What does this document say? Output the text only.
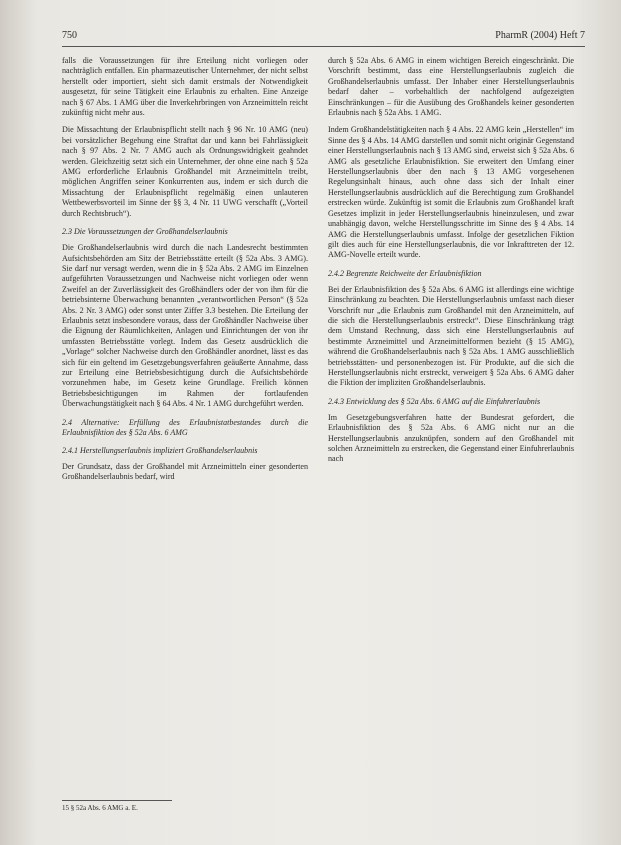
750	PharmR (2004) Heft 7

falls die Voraussetzungen für ihre Erteilung nicht vorliegen oder nachträglich entfallen. Ein pharmazeutischer Unternehmer, der nicht selbst herstellt oder importiert, sieht sich damit erstmals der Notwendigkeit ausgesetzt, für seine Tätigkeit eine Erlaubnis zu erhalten. Eine Anzeige nach § 67 Abs. 1 AMG über die Inverkehrbringen von Arzneimitteln reicht zukünftig nicht mehr aus.

Die Missachtung der Erlaubnispflicht stellt nach § 96 Nr. 10 AMG (neu) bei vorsätzlicher Begehung eine Straftat dar und kann bei Fahrlässigkeit nach § 97 Abs. 2 Nr. 7 AMG auch als Ordnungswidrigkeit geahndet werden. Gleichzeitig setzt sich ein Unternehmer, der ohne eine nach § 52a AMG erforderliche Erlaubnis Großhandel mit Arzneimitteln treibt, möglichen Angriffen seiner Konkurrenten aus, indem er sich durch die Missachtung der Erlaubnispflicht regelmäßig einen unlauteren Wettbewerbsvorteil im Sinne der §§ 3, 4 Nr. 11 UWG verschafft („Vorteil durch Rechtsbruch“).

2.3 Die Voraussetzungen der Großhandelserlaubnis

Die Großhandelserlaubnis wird durch die nach Landesrecht bestimmten Aufsichtsbehörden am Sitz der Betriebsstätte erteilt (§ 52a Abs. 3 AMG). Sie darf nur versagt werden, wenn die in § 52a Abs. 2 AMG im Einzelnen aufgeführten Voraussetzungen und Nachweise nicht vorliegen oder wenn Zweifel an der Zuverlässigkeit des Großhändlers oder der von ihm für die betriebsinterne Überwachung benannten „verantwortlichen Person“ (§ 52a Abs. 2 Nr. 3 AMG) oder sonst unter Ziffer 3.3 bestehen. Die Erteilung der Erlaubnis setzt insbesondere voraus, dass der Großhändler Nachweise über die Eignung der Räumlichkeiten, Anlagen und Einrichtungen der von ihr umfassten Betriebsstätte vorlegt. Indem das Gesetz ausdrücklich die „Vorlage“ solcher Nachweise durch den Großhändler anordnet, lässt es das sich für ein geltend im Gesetzgebungsverfahren geäußerte Annahme, dass zur Erteilung eine Betriebsbesichtigung durch die Aufsichtsbehörde vorzunehmen habe, im Gesetz keine Grundlage. Freilich können Betriebsbesichtigungen im Rahmen der fortlaufenden Überwachungstätigkeit nach § 64 Abs. 4 Nr. 1 AMG durchgeführt werden.

2.4 Alternative: Erfüllung des Erlaubnistatbestandes durch die Erlaubnisfiktion des § 52a Abs. 6 AMG
2.4.1 Herstellungserlaubnis impliziert Großhandelserlaubnis

Der Grundsatz, dass der Großhandel mit Arzneimitteln einer gesonderten Großhandelserlaubnis bedarf, wird

durch § 52a Abs. 6 AMG in einem wichtigen Bereich eingeschränkt. Die Vorschrift bestimmt, dass eine Herstellungserlaubnis zugleich die Großhandelserlaubnis umfasst. Der Inhaber einer Herstellungserlaubnis bedarf daher – vorbehaltlich der nachfolgend aufgezeigten Einschränkungen – für die Ausübung des Großhandels keiner gesonderten Erlaubnis nach § 52a Abs. 1 AMG.

Indem Großhandelstätigkeiten nach § 4 Abs. 22 AMG kein „Herstellen“ im Sinne des § 4 Abs. 14 AMG darstellen und somit nicht originär Gegenstand einer Herstellungserlaubnis nach § 13 AMG sind, erweist sich § 52a Abs. 6 AMG als gesetzliche Erlaubnisfiktion. Sie erweitert den Umfang einer Herstellungserlaubnis über den nach § 13 AMG vorgesehenen Regelungsinhalt hinaus, auch ohne dass sich der Inhalt einer Herstellungserlaubnis ausdrücklich auf die Berechtigung zum Großhandel erstrecken würde. Zukünftig ist somit die Erlaubnis zum Großhandel kraft Gesetzes implizit in jeder Herstellungserlaubnis hineinzulesen, und zwar unabhängig davon, welche Herstellungsschritte im Sinne des § 4 Abs. 14 AMG die Herstellungserlaubnis umfasst. Infolge der gesetzlichen Fiktion gilt dies auch für eine Herstellungserlaubnis, die vor Inkrafttreten der 12. AMG-Novelle erteilt wurde.

2.4.2 Begrenzte Reichweite der Erlaubnisfiktion

Bei der Erlaubnisfiktion des § 52a Abs. 6 AMG ist allerdings eine wichtige Einschränkung zu beachten. Die Herstellungserlaubnis umfasst nach dieser Vorschrift nur „die Erlaubnis zum Großhandel mit den Arzneimitteln, auf die sich die Herstellungserlaubnis erstreckt“. Diese Einschränkung trägt dem Umstand Rechnung, dass sich eine Herstellungserlaubnis auf bestimmte Arzneimittel und Arzneimittelformen bezieht (§ 15 AMG), während die Großhandelserlaubnis nach § 52a Abs. 1 AMG ausschließlich betriebsstätten- und personenbezogen ist. Für Produkte, auf die sich die Herstellungserlaubnis nicht erstreckt, verweigert § 52a Abs. 6 AMG daher die Fiktion der impliziten Großhandelserlaubnis.

2.4.3 Entwicklung des § 52a Abs. 6 AMG auf die Einfuhrerlaubnis

Im Gesetzgebungsverfahren hatte der Bundesrat gefordert, die Erlaubnisfiktion des § 52a Abs. 6 AMG nicht nur an die Herstellungserlaubnis anzuknüpfen, sondern auf den Großhandel mit solchen Arzneimitteln zu erstrecken, die Gegenstand einer Einfuhrerlaubnis nach

15 § 52a Abs. 6 AMG a. E.
